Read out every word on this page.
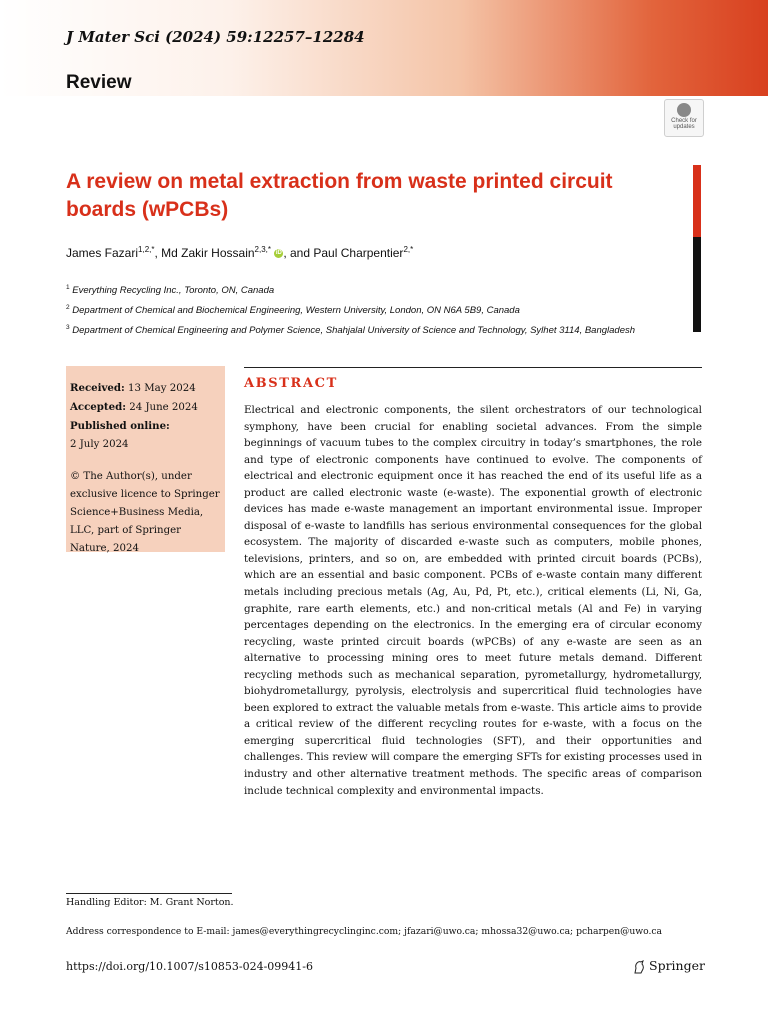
J Mater Sci (2024) 59:12257–12284
Review
Check for updates
A review on metal extraction from waste printed circuit boards (wPCBs)
James Fazari$^{1,2,*}$, Md Zakir Hossain$^{2,3,*}$ iD , and Paul Charpentier$^{2,*}$
$^1$ Everything Recycling Inc., Toronto, ON, Canada
$^2$ Department of Chemical and Biochemical Engineering, Western University, London, ON N6A 5B9, Canada
$^3$ Department of Chemical Engineering and Polymer Science, Shahjalal University of Science and Technology, Sylhet 3114, Bangladesh
Received: 13 May 2024
Accepted: 24 June 2024
Published online:
2 July 2024
© The Author(s), under exclusive licence to Springer Science+Business Media, LLC, part of Springer Nature, 2024
ABSTRACT
Electrical and electronic components, the silent orchestrators of our technological symphony, have been crucial for enabling societal advances. From the simple beginnings of vacuum tubes to the complex circuitry in today’s smartphones, the role and type of electronic components have continued to evolve. The components of electrical and electronic equipment once it has reached the end of its useful life as a product are called electronic waste (e-waste). The exponential growth of electronic devices has made e-waste management an important environmental issue. Improper disposal of e-waste to landfills has serious environmental consequences for the global ecosystem. The majority of discarded e-waste such as computers, mobile phones, televisions, printers, and so on, are embedded with printed circuit boards (PCBs), which are an essential and basic component. PCBs of e-waste contain many different metals including precious metals (Ag, Au, Pd, Pt, etc.), critical elements (Li, Ni, Ga, graphite, rare earth elements, etc.) and non-critical metals (Al and Fe) in varying percentages depending on the electronics. In the emerging era of circular economy recycling, waste printed circuit boards (wPCBs) of any e-waste are seen as an alternative to processing mining ores to meet future metals demand. Different recycling methods such as mechanical separation, pyrometallurgy, hydrometallurgy, biohydrometallurgy, pyrolysis, electrolysis and supercritical fluid technologies have been explored to extract the valuable metals from e-waste. This article aims to provide a critical review of the different recycling routes for e-waste, with a focus on the emerging supercritical fluid technologies (SFT), and their opportunities and challenges. This review will compare the emerging SFTs for existing processes used in industry and other alternative treatment methods. The specific areas of comparison include technical complexity and environmental impacts.
Handling Editor: M. Grant Norton.
Address correspondence to E-mail: james@everythingrecyclinginc.com; jfazari@uwo.ca; mhossa32@uwo.ca; pcharpen@uwo.ca
https://doi.org/10.1007/s10853-024-09941-6	Springer
